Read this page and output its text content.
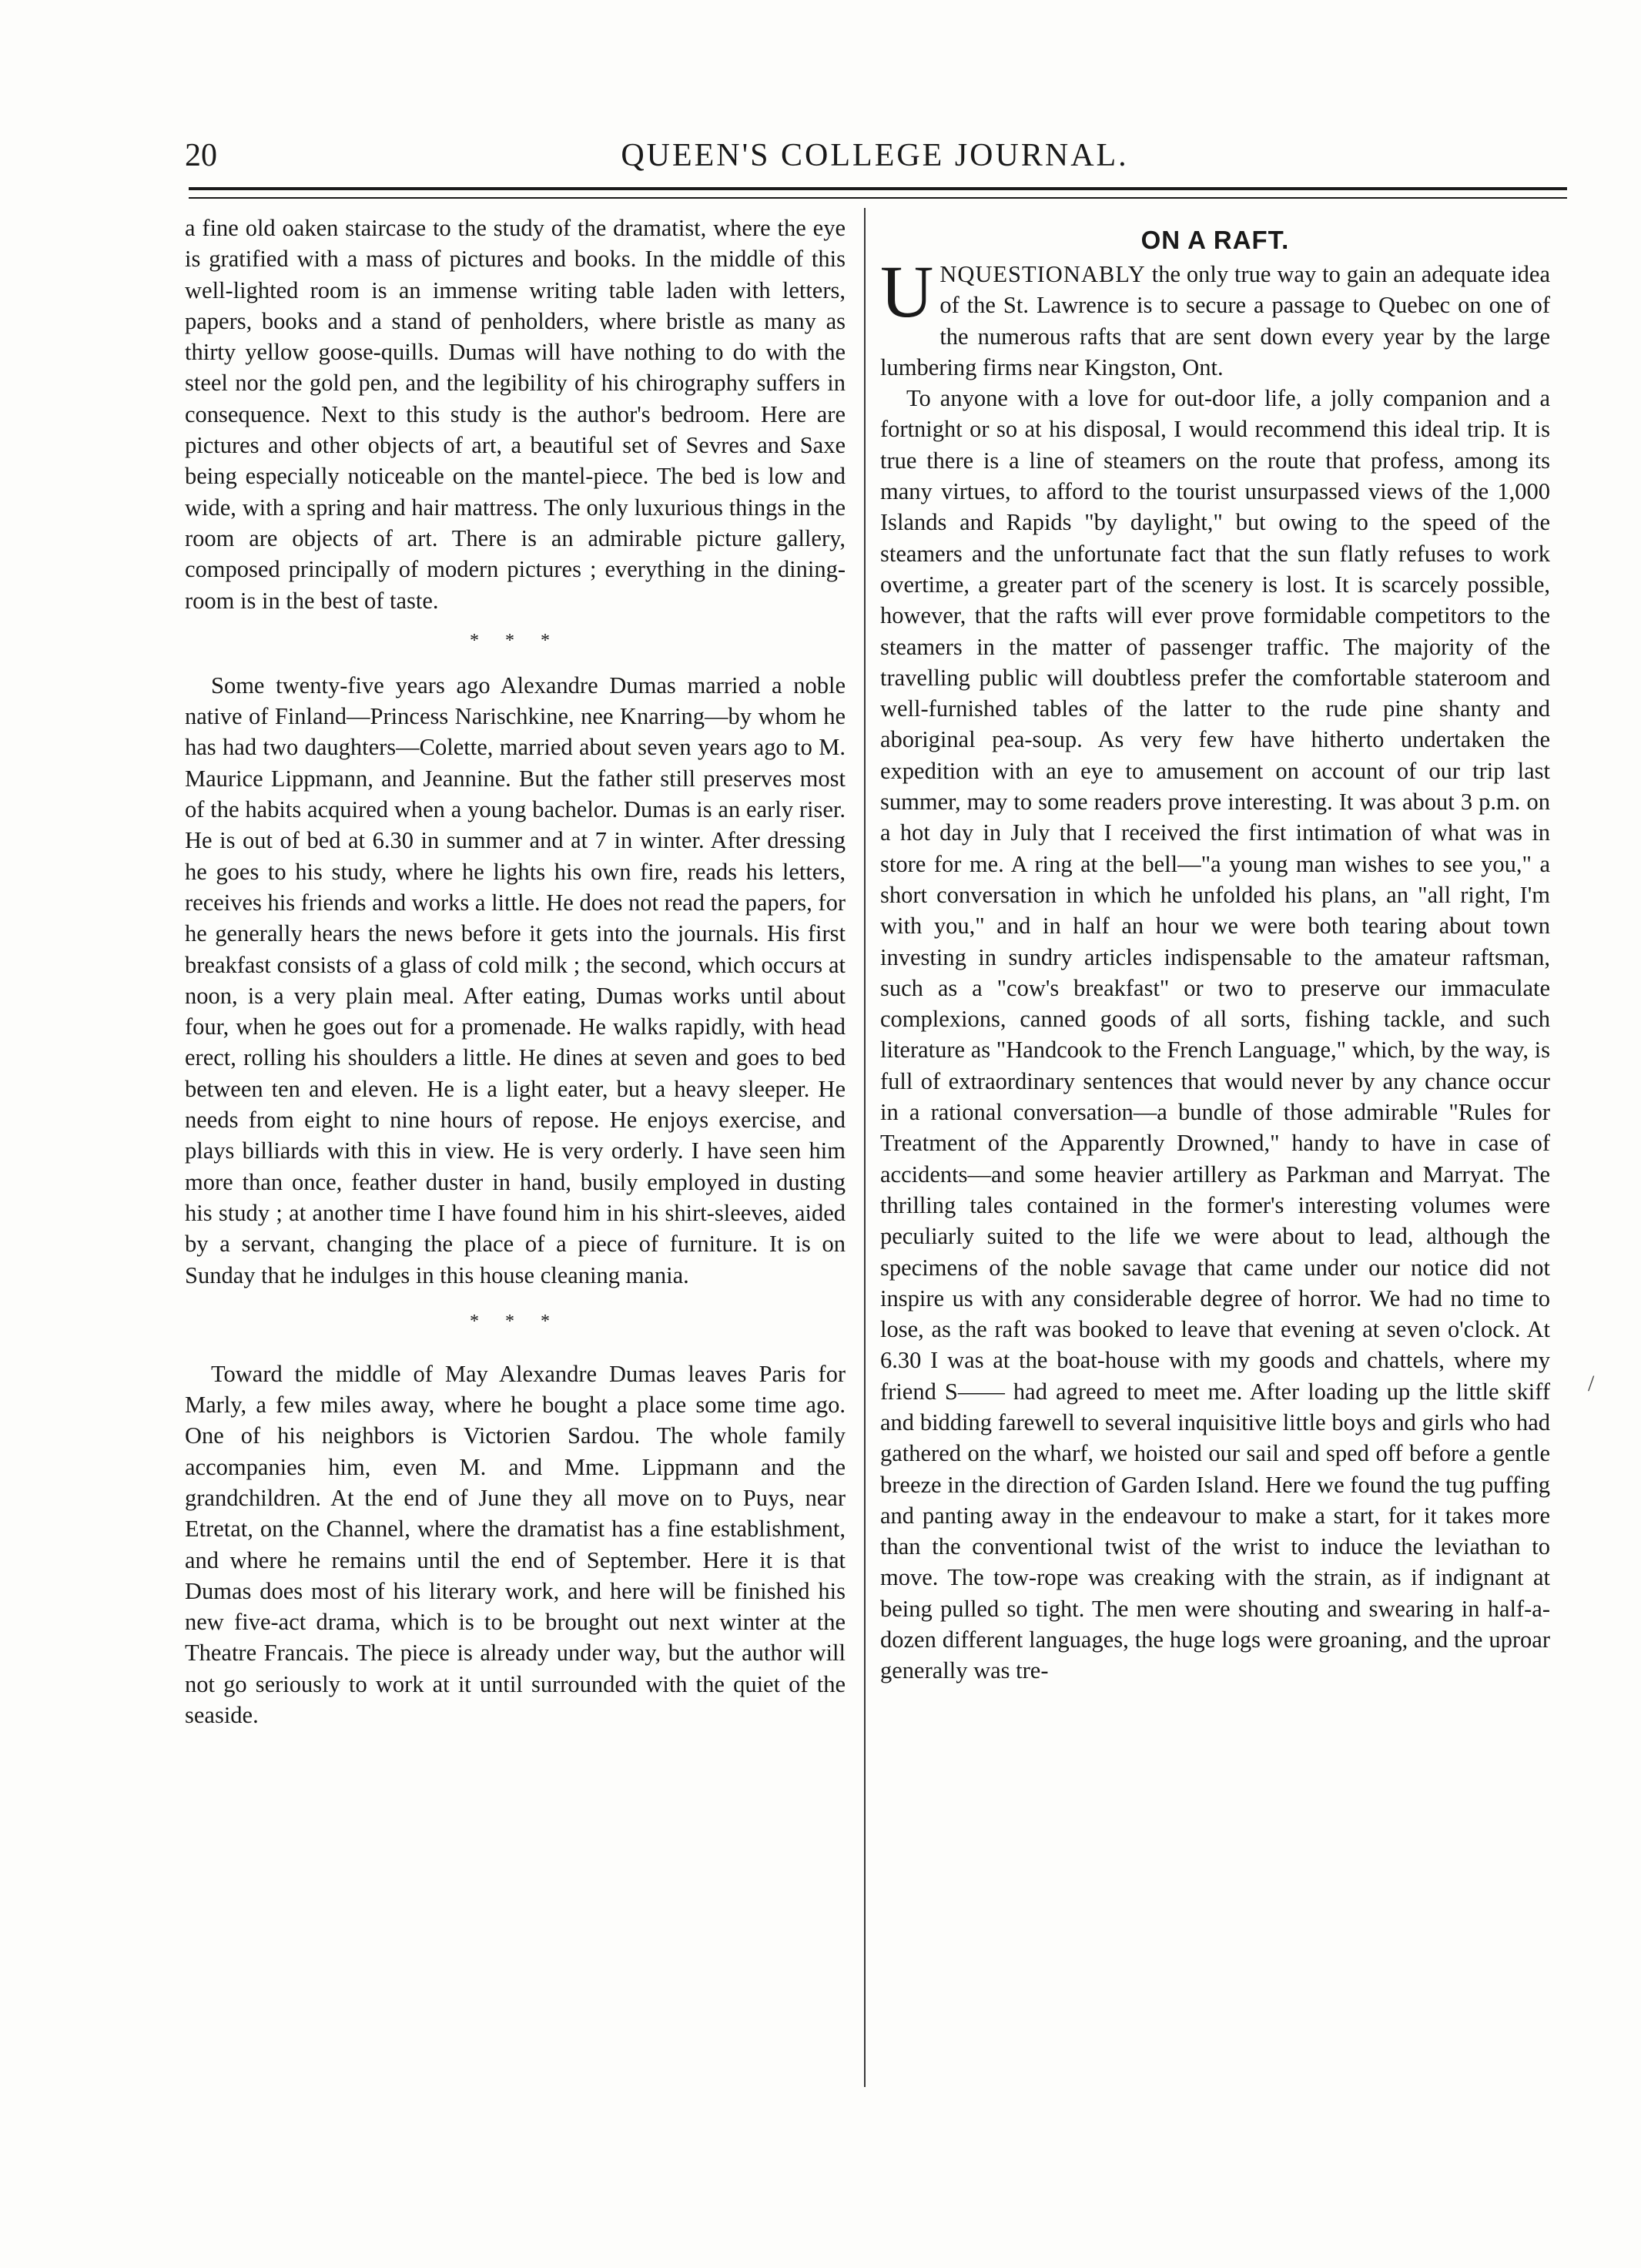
20	QUEEN'S COLLEGE JOURNAL.

a fine old oaken staircase to the study of the dramatist, where the eye is gratified with a mass of pictures and books. In the middle of this well-lighted room is an immense writing table laden with letters, papers, books and a stand of penholders, where bristle as many as thirty yellow goose-quills. Dumas will have nothing to do with the steel nor the gold pen, and the legibility of his chirography suffers in consequence. Next to this study is the author's bedroom. Here are pictures and other objects of art, a beautiful set of Sevres and Saxe being especially noticeable on the mantel-piece. The bed is low and wide, with a spring and hair mattress. The only luxurious things in the room are objects of art. There is an admirable picture gallery, composed principally of modern pictures ; everything in the dining-room is in the best of taste.

* * *

Some twenty-five years ago Alexandre Dumas married a noble native of Finland—Princess Narischkine, nee Knarring—by whom he has had two daughters—Colette, married about seven years ago to M. Maurice Lippmann, and Jeannine. But the father still preserves most of the habits acquired when a young bachelor. Dumas is an early riser. He is out of bed at 6.30 in summer and at 7 in winter. After dressing he goes to his study, where he lights his own fire, reads his letters, receives his friends and works a little. He does not read the papers, for he generally hears the news before it gets into the journals. His first breakfast consists of a glass of cold milk ; the second, which occurs at noon, is a very plain meal. After eating, Dumas works until about four, when he goes out for a promenade. He walks rapidly, with head erect, rolling his shoulders a little. He dines at seven and goes to bed between ten and eleven. He is a light eater, but a heavy sleeper. He needs from eight to nine hours of repose. He enjoys exercise, and plays billiards with this in view. He is very orderly. I have seen him more than once, feather duster in hand, busily employed in dusting his study ; at another time I have found him in his shirt-sleeves, aided by a servant, changing the place of a piece of furniture. It is on Sunday that he indulges in this house cleaning mania.

* * *

Toward the middle of May Alexandre Dumas leaves Paris for Marly, a few miles away, where he bought a place some time ago. One of his neighbors is Victorien Sardou. The whole family accompanies him, even M. and Mme. Lippmann and the grandchildren. At the end of June they all move on to Puys, near Etretat, on the Channel, where the dramatist has a fine establishment, and where he remains until the end of September. Here it is that Dumas does most of his literary work, and here will be finished his new five-act drama, which is to be brought out next winter at the Theatre Francais. The piece is already under way, but the author will not go seriously to work at it until surrounded with the quiet of the seaside.

ON A RAFT.

UNQUESTIONABLY the only true way to gain an adequate idea of the St. Lawrence is to secure a passage to Quebec on one of the numerous rafts that are sent down every year by the large lumbering firms near Kingston, Ont.

To anyone with a love for out-door life, a jolly companion and a fortnight or so at his disposal, I would recommend this ideal trip. It is true there is a line of steamers on the route that profess, among its many virtues, to afford to the tourist unsurpassed views of the 1,000 Islands and Rapids "by daylight," but owing to the speed of the steamers and the unfortunate fact that the sun flatly refuses to work overtime, a greater part of the scenery is lost. It is scarcely possible, however, that the rafts will ever prove formidable competitors to the steamers in the matter of passenger traffic. The majority of the travelling public will doubtless prefer the comfortable stateroom and well-furnished tables of the latter to the rude pine shanty and aboriginal pea-soup. As very few have hitherto undertaken the expedition with an eye to amusement on account of our trip last summer, may to some readers prove interesting. It was about 3 p.m. on a hot day in July that I received the first intimation of what was in store for me. A ring at the bell—"a young man wishes to see you," a short conversation in which he unfolded his plans, an "all right, I'm with you," and in half an hour we were both tearing about town investing in sundry articles indispensable to the amateur raftsman, such as a "cow's breakfast" or two to preserve our immaculate complexions, canned goods of all sorts, fishing tackle, and such literature as "Handcook to the French Language," which, by the way, is full of extraordinary sentences that would never by any chance occur in a rational conversation—a bundle of those admirable "Rules for Treatment of the Apparently Drowned," handy to have in case of accidents—and some heavier artillery as Parkman and Marryat. The thrilling tales contained in the former's interesting volumes were peculiarly suited to the life we were about to lead, although the specimens of the noble savage that came under our notice did not inspire us with any considerable degree of horror. We had no time to lose, as the raft was booked to leave that evening at seven o'clock. At 6.30 I was at the boat-house with my goods and chattels, where my friend S—— had agreed to meet me. After loading up the little skiff and bidding farewell to several inquisitive little boys and girls who had gathered on the wharf, we hoisted our sail and sped off before a gentle breeze in the direction of Garden Island. Here we found the tug puffing and panting away in the endeavour to make a start, for it takes more than the conventional twist of the wrist to induce the leviathan to move. The tow-rope was creaking with the strain, as if indignant at being pulled so tight. The men were shouting and swearing in half-a-dozen different languages, the huge logs were groaning, and the uproar generally was tre-

/
